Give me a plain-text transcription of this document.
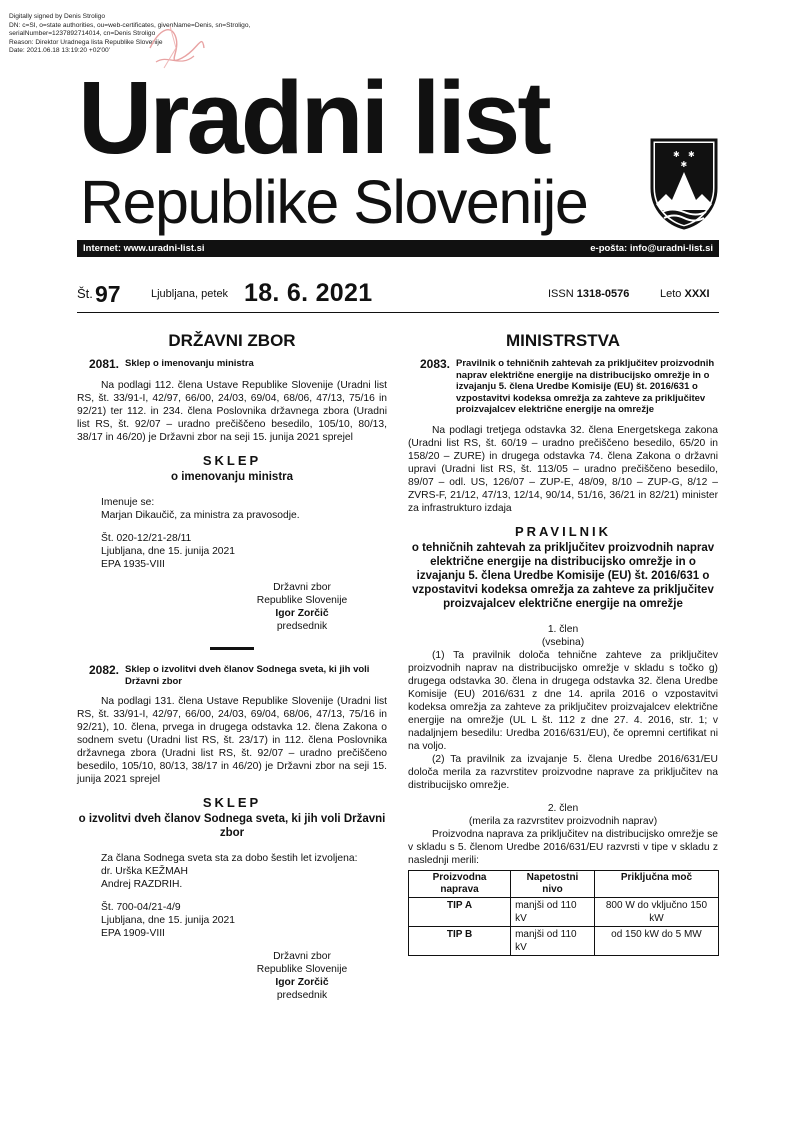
Digitally signed by Denis Stroligo
DN: c=SI, o=state authorities, ou=web-certificates, givenName=Denis, sn=Stroligo,
serialNumber=1237892714014, cn=Denis Stroligo
Reason: Direktor Uradnega lista Republike Slovenije
Date: 2021.06.18 13:19:20 +02'00'
Uradni list
Republike Slovenije
✱ ✱
✱
Internet: www.uradni-list.si	e-pošta: info@uradni-list.si
Št. 97	Ljubljana, petek 18. 6. 2021	ISSN 1318-0576	Leto XXXI
DRŽAVNI ZBOR
2081. Sklep o imenovanju ministra

Na podlagi 112. člena Ustave Republike Slovenije (Uradni list RS, št. 33/91-I, 42/97, 66/00, 24/03, 69/04, 68/06, 47/13, 75/16 in 92/21) ter 112. in 234. člena Poslovnika državnega zbora (Uradni list RS, št. 92/07 – uradno prečiščeno besedilo, 105/10, 80/13, 38/17 in 46/20) je Državni zbor na seji 15. junija 2021 sprejel

SKLEP
o imenovanju ministra
Imenuje se:
Marjan Dikaučič, za ministra za pravosodje.
Št. 020-12/21-28/11
Ljubljana, dne 15. junija 2021
EPA 1935-VIII
Državni zbor
Republike Slovenije
Igor Zorčič
predsednik
2082. Sklep o izvolitvi dveh članov Sodnega sveta, ki jih voli Državni zbor

Na podlagi 131. člena Ustave Republike Slovenije (Uradni list RS, št. 33/91-I, 42/97, 66/00, 24/03, 69/04, 68/06, 47/13, 75/16 in 92/21), 10. člena, prvega in drugega odstavka 12. člena Zakona o sodnem svetu (Uradni list RS, št. 23/17) in 112. člena Poslovnika državnega zbora (Uradni list RS, št. 92/07 – uradno prečiščeno besedilo, 105/10, 80/13, 38/17 in 46/20) je Državni zbor na seji 15. junija 2021 sprejel

SKLEP
o izvolitvi dveh članov Sodnega sveta, ki jih voli Državni zbor
Za člana Sodnega sveta sta za dobo šestih let izvoljena:
dr. Urška KEŽMAH
Andrej RAZDRIH.
Št. 700-04/21-4/9
Ljubljana, dne 15. junija 2021
EPA 1909-VIII
Državni zbor
Republike Slovenije
Igor Zorčič
predsednik
MINISTRSTVA
2083. Pravilnik o tehničnih zahtevah za priključitev proizvodnih naprav električne energije na distribucijsko omrežje in o izvajanju 5. člena Uredbe Komisije (EU) št. 2016/631 o vzpostavitvi kodeksa omrežja za zahteve za priključitev proizvajalcev električne energije na omrežje

Na podlagi tretjega odstavka 32. člena Energetskega zakona (Uradni list RS, št. 60/19 – uradno prečiščeno besedilo, 65/20 in 158/20 – ZURE) in drugega odstavka 74. člena Zakona o državni upravi (Uradni list RS, št. 113/05 – uradno prečiščeno besedilo, 89/07 – odl. US, 126/07 – ZUP-E, 48/09, 8/10 – ZUP-G, 8/12 – ZVRS-F, 21/12, 47/13, 12/14, 90/14, 51/16, 36/21 in 82/21) minister za infrastrukturo izdaja

PRAVILNIK
o tehničnih zahtevah za priključitev proizvodnih naprav električne energije na distribucijsko omrežje in o izvajanju 5. člena Uredbe Komisije (EU) št. 2016/631 o vzpostavitvi kodeksa omrežja za zahteve za priključitev proizvajalcev električne energije na omrežje
1. člen
(vsebina)

(1) Ta pravilnik določa tehnične zahteve za priključitev proizvodnih naprav na distribucijsko omrežje v skladu s točko g) drugega odstavka 30. člena in drugega odstavka 32. člena Uredbe Komisije (EU) 2016/631 z dne 14. aprila 2016 o vzpostavitvi kodeksa omrežja za zahteve za priključitev proizvajalcev električne energije na omrežje (UL L št. 112 z dne 27. 4. 2016, str. 1; v nadaljnjem besedilu: Uredba 2016/631/EU), če opremni certifikat ni na voljo.

(2) Ta pravilnik za izvajanje 5. člena Uredbe 2016/631/EU določa merila za razvrstitev proizvodne naprave za priključitev na distribucijsko omrežje.

2. člen
(merila za razvrstitev proizvodnih naprav)

Proizvodna naprava za priključitev na distribucijsko omrežje se v skladu s 5. členom Uredbe 2016/631/EU razvrsti v tipe v skladu z naslednji merili:

Proizvodna naprava	Napetostni nivo	Priključna moč
TIP A	manjši od 110 kV	800 W do vključno 150 kW
TIP B	manjši od 110 kV	od 150 kW do 5 MW
